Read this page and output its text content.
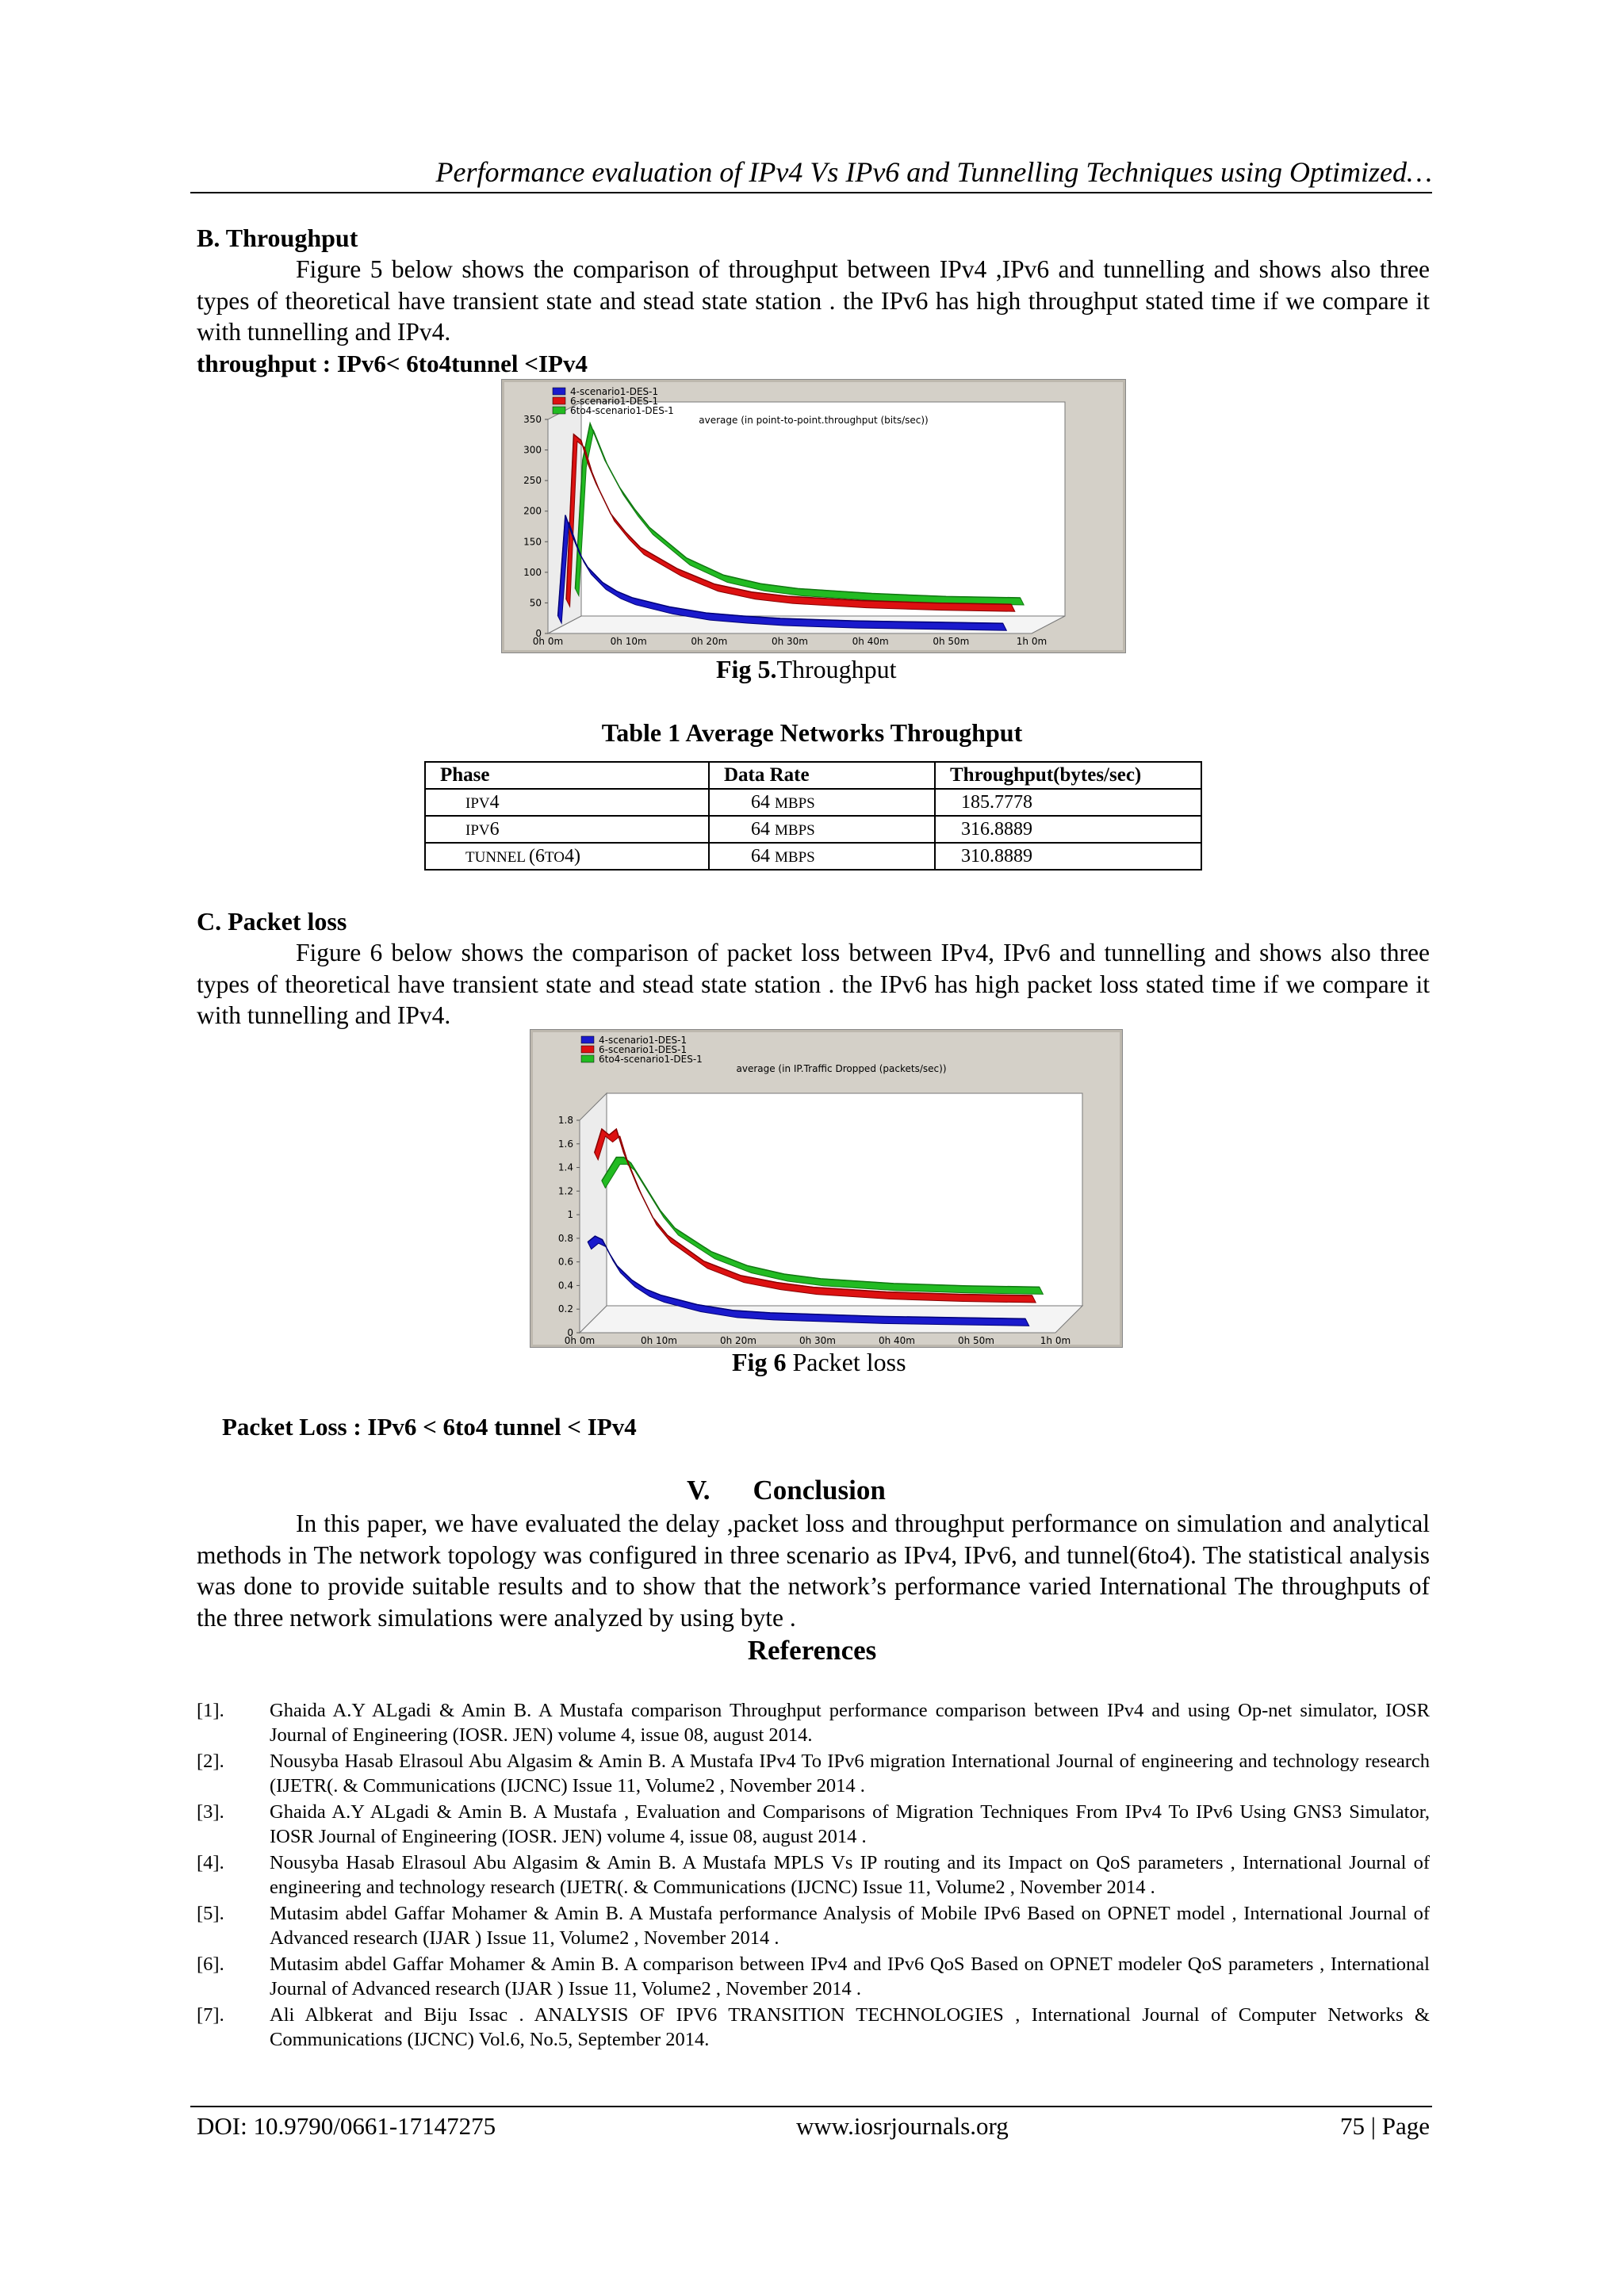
Performance evaluation of IPv4 Vs IPv6 and Tunnelling Techniques using Optimized…
B. Throughput

Figure 5 below shows the comparison of throughput between IPv4 ,IPv6 and tunnelling and shows also three types of theoretical have transient state and stead state station . the IPv6 has high throughput stated time if we compare it with tunnelling and IPv4.

throughput : IPv6< 6to4tunnel <IPv4

4-scenario1-DES-1
6-scenario1-DES-1
6to4-scenario1-DES-1
average (in point-to-point.throughput (bits/sec))
0
50
100
150
200
250
300
350
0h 0m	0h 10m	0h 20m	0h 30m	0h 40m	0h 50m	1h 0m
Fig 5.Throughput
Table 1 Average Networks Throughput
Phase	Data Rate	Throughput(bytes/sec)
IPV4	64 MBPS	185.7778
IPV6	64 MBPS	316.8889
TUNNEL (6TO4)	64 MBPS	310.8889
C. Packet loss

Figure 6 below shows the comparison of packet loss between IPv4, IPv6 and tunnelling and shows also three types of theoretical have transient state and stead state station . the IPv6 has high packet loss stated time if we compare it with tunnelling and IPv4.

4-scenario1-DES-1
6-scenario1-DES-1
6to4-scenario1-DES-1
average (in IP.Traffic Dropped (packets/sec))
0
0.2
0.4
0.6
0.8
1
1.2
1.4
1.6
1.8
0h 0m	0h 10m	0h 20m	0h 30m	0h 40m	0h 50m	1h 0m
Fig 6 Packet loss
Packet Loss : IPv6 < 6to4 tunnel < IPv4
V. Conclusion

In this paper, we have evaluated the delay ,packet loss and throughput performance on simulation and analytical methods in The network topology was configured in three scenario as IPv4, IPv6, and tunnel(6to4). The statistical analysis was done to provide suitable results and to show that the network’s performance varied International The throughputs of the three network simulations were analyzed by using byte .

References
[1].	Ghaida A.Y ALgadi & Amin B. A Mustafa comparison Throughput performance comparison between IPv4 and using Op-net simulator, IOSR Journal of Engineering (IOSR. JEN) volume 4, issue 08, august 2014.
[2].	Nousyba Hasab Elrasoul Abu Algasim & Amin B. A Mustafa IPv4 To IPv6 migration International Journal of engineering and technology research (IJETR(. & Communications (IJCNC) Issue 11, Volume2 , November 2014 .
[3].	Ghaida A.Y ALgadi & Amin B. A Mustafa , Evaluation and Comparisons of Migration Techniques From IPv4 To IPv6 Using GNS3 Simulator, IOSR Journal of Engineering (IOSR. JEN) volume 4, issue 08, august 2014 .
[4].	Nousyba Hasab Elrasoul Abu Algasim & Amin B. A Mustafa MPLS Vs IP routing and its Impact on QoS parameters , International Journal of engineering and technology research (IJETR(. & Communications (IJCNC) Issue 11, Volume2 , November 2014 .
[5].	Mutasim abdel Gaffar Mohamer & Amin B. A Mustafa performance Analysis of Mobile IPv6 Based on OPNET model , International Journal of Advanced research (IJAR ) Issue 11, Volume2 , November 2014 .
[6].	Mutasim abdel Gaffar Mohamer & Amin B. A comparison between IPv4 and IPv6 QoS Based on OPNET modeler QoS parameters , International Journal of Advanced research (IJAR ) Issue 11, Volume2 , November 2014 .
[7].	Ali Albkerat and Biju Issac . ANALYSIS OF IPV6 TRANSITION TECHNOLOGIES , International Journal of Computer Networks & Communications (IJCNC) Vol.6, No.5, September 2014.
DOI: 10.9790/0661-17147275	www.iosrjournals.org	75 | Page
